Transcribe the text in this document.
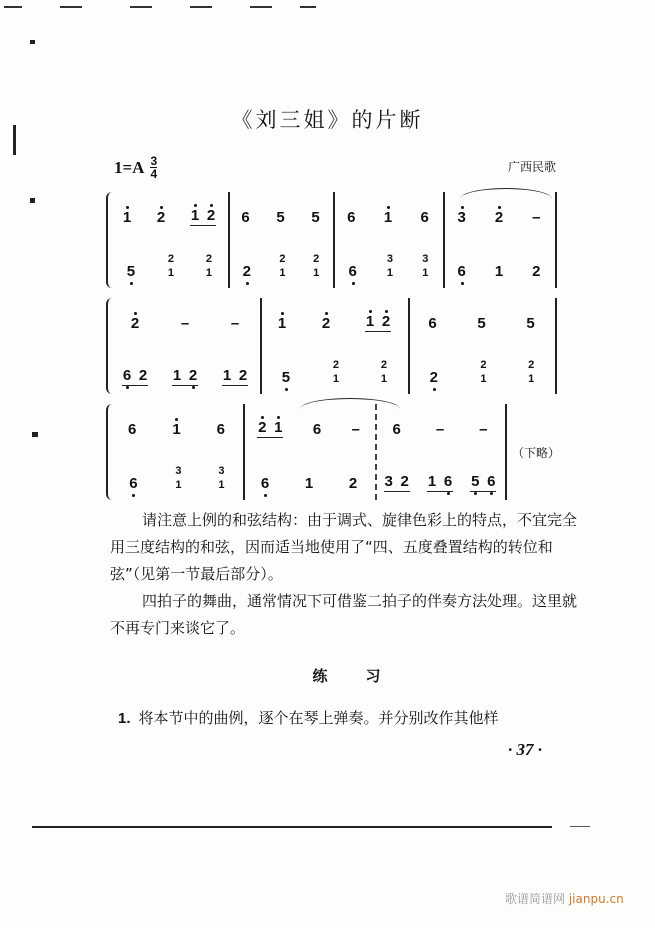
《刘三姐》的片断
$1=A \frac{3}{4}$	广西民歌
1 2 1 2
5
2
1
2
1
6 5 5
2
2
1
2
1
6 1 6
6
3
1
3
1
3 2 –
6 1 2
2	–	–
6 2 1 2 1 2
1 2 1 2
5
2
1
2
1
6	5	5
2
2
1
2
1
6 1 6
6
3
1
3
1
2 1 6 –
6 1 2
6 – –
3 2 1 6 5 6
（下略）
请注意上例的和弦结构：由于调式、旋律色彩上的特点，不宜完全用三度结构的和弦，因而适当地使用了“四、五度叠置结构的转位和弦”（见第一节最后部分）。
四拍子的舞曲，通常情况下可借鉴二拍子的伴奏方法处理。这里就不再专门来谈它了。
练习
1. 将本节中的曲例，逐个在琴上弹奏。并分别改作其他样
· 37 ·
歌谱简谱网 jianpu.cn
